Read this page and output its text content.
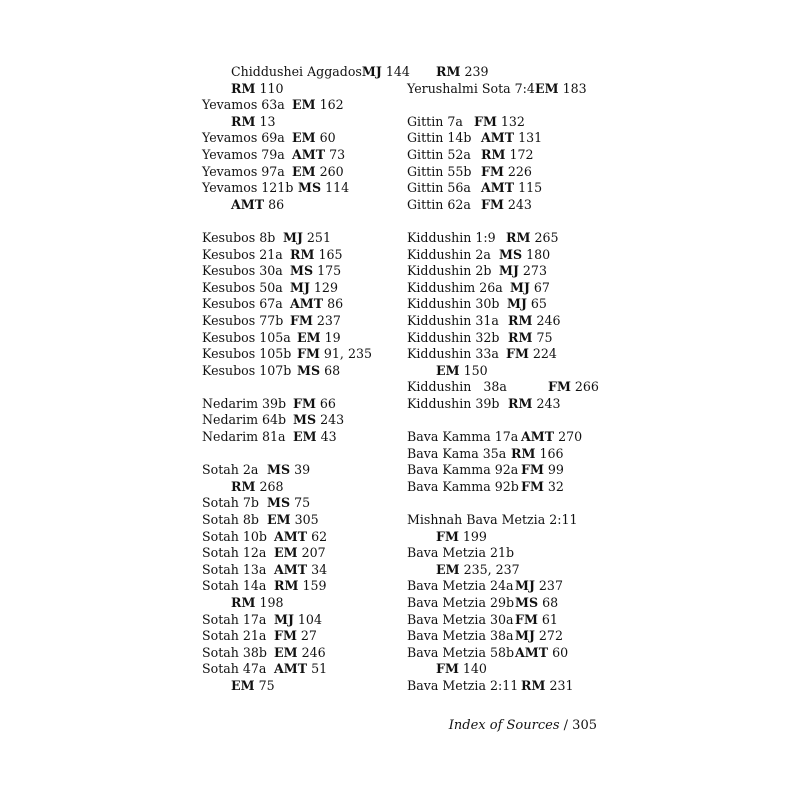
Chiddushei AggadosMJ 144
RM 110
Yevamos 63a EM 162
RM 13
Yevamos 69a EM 60
Yevamos 79a AMT 73
Yevamos 97a EM 260
Yevamos 121b MS 114
AMT 86
Kesubos 8b MJ 251
Kesubos 21a RM 165
Kesubos 30a MS 175
Kesubos 50a MJ 129
Kesubos 67a AMT 86
Kesubos 77b FM 237
Kesubos 105a EM 19
Kesubos 105b FM 91, 235
Kesubos 107b MS 68
Nedarim 39b FM 66
Nedarim 64b MS 243
Nedarim 81a EM 43
Sotah 2a MS 39
RM 268
Sotah 7b MS 75
Sotah 8b EM 305
Sotah 10b AMT 62
Sotah 12a EM 207
Sotah 13a AMT 34
Sotah 14a RM 159
RM 198
Sotah 17a MJ 104
Sotah 21a FM 27
Sotah 38b EM 246
Sotah 47a AMT 51
EM 75
RM 239
Yerushalmi Sota 7:4 EM 183
Gittin 7a FM 132
Gittin 14b AMT 131
Gittin 52a RM 172
Gittin 55b FM 226
Gittin 56a AMT 115
Gittin 62a FM 243
Kiddushin 1:9 RM 265
Kiddushin 2a MS 180
Kiddushin 2b MJ 273
Kiddushim 26a MJ 67
Kiddushin 30b MJ 65
Kiddushin 31a RM 246
Kiddushin 32b RM 75
Kiddushin 33a FM 224
EM 150
Kiddushin   38a	FM 266
Kiddushin 39b RM 243
Bava Kamma 17a AMT 270
Bava Kama 35a RM 166
Bava Kamma 92a FM 99
Bava Kamma 92b FM 32
Mishnah Bava Metzia 2:11
FM 199
Bava Metzia 21b
EM 235, 237
Bava Metzia 24a MJ 237
Bava Metzia 29b MS 68
Bava Metzia 30a FM 61
Bava Metzia 38a MJ 272
Bava Metzia 58b AMT 60
FM 140
Bava Metzia 2:11 RM 231
Index of Sources / 305
